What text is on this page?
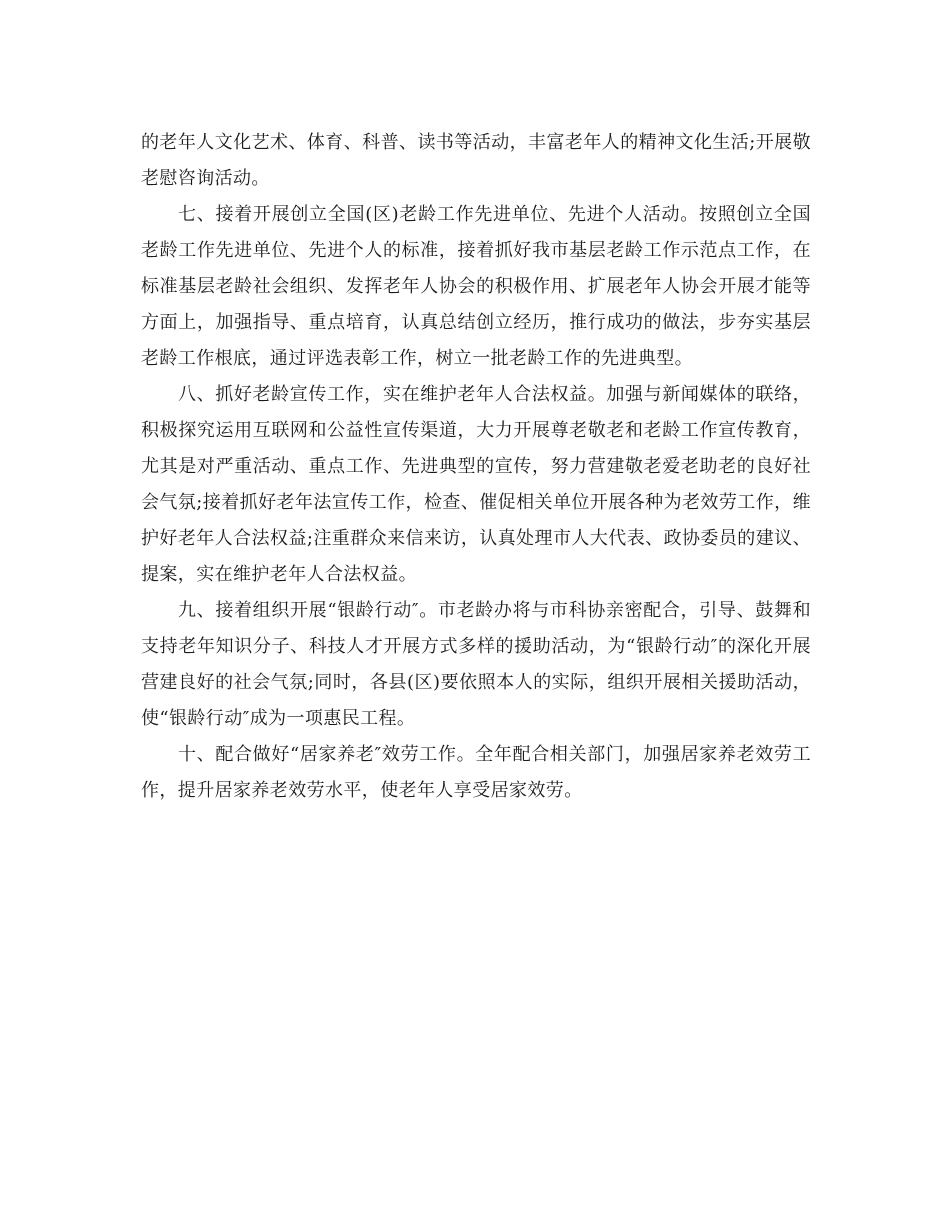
的老年人文化艺术、体育、科普、读书等活动，丰富老年人的精神文化生活;开展敬老慰咨询活动。

七、接着开展创立全国(区)老龄工作先进单位、先进个人活动。按照创立全国老龄工作先进单位、先进个人的标准，接着抓好我市基层老龄工作示范点工作，在标准基层老龄社会组织、发挥老年人协会的积极作用、扩展老年人协会开展才能等方面上，加强指导、重点培育，认真总结创立经历，推行成功的做法，步夯实基层老龄工作根底，通过评选表彰工作，树立一批老龄工作的先进典型。

八、抓好老龄宣传工作，实在维护老年人合法权益。加强与新闻媒体的联络，积极探究运用互联网和公益性宣传渠道，大力开展尊老敬老和老龄工作宣传教育，尤其是对严重活动、重点工作、先进典型的宣传，努力营建敬老爱老助老的良好社会气氛;接着抓好老年法宣传工作，检查、催促相关单位开展各种为老效劳工作，维护好老年人合法权益;注重群众来信来访，认真处理市人大代表、政协委员的建议、提案，实在维护老年人合法权益。

九、接着组织开展“银龄行动″。市老龄办将与市科协亲密配合，引导、鼓舞和支持老年知识分子、科技人才开展方式多样的援助活动，为“银龄行动″的深化开展营建良好的社会气氛;同时，各县(区)要依照本人的实际，组织开展相关援助活动，使“银龄行动″成为一项惠民工程。

十、配合做好“居家养老″效劳工作。全年配合相关部门，加强居家养老效劳工作，提升居家养老效劳水平，使老年人享受居家效劳。
